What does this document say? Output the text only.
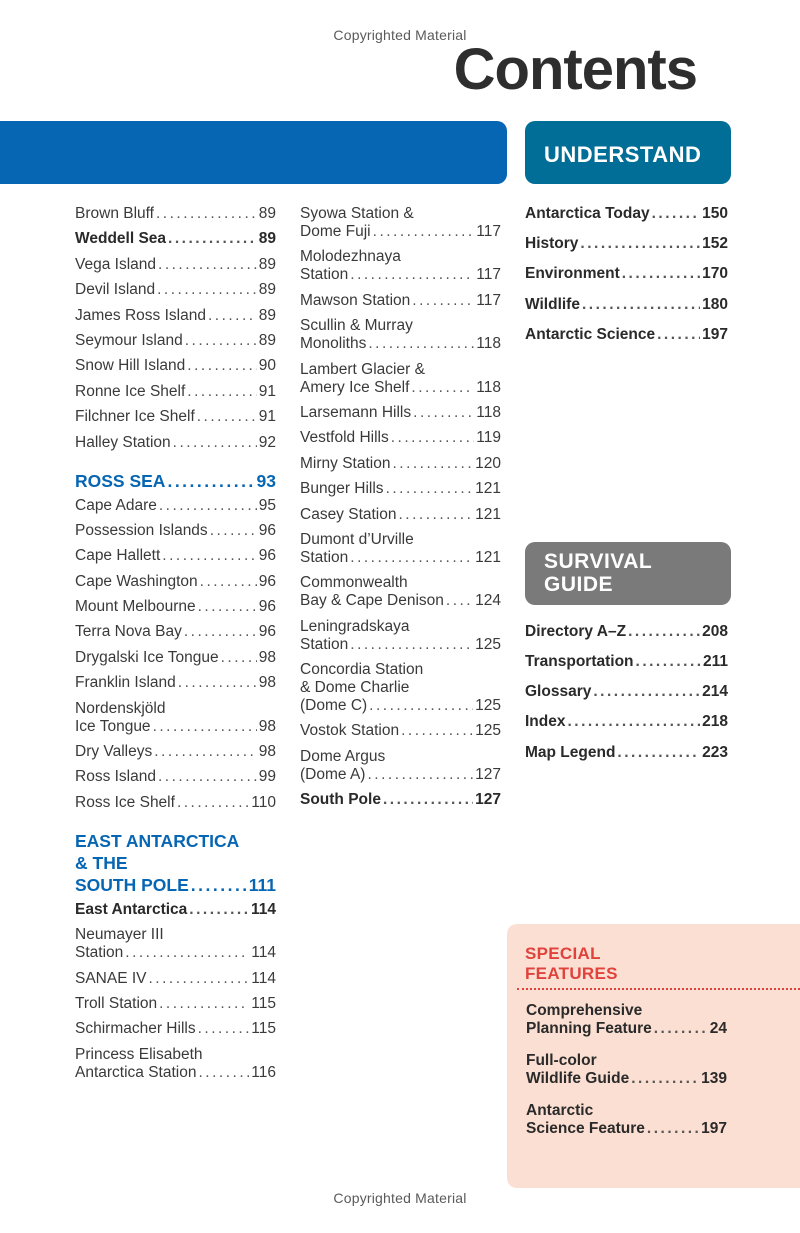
Copyrighted Material
Contents
UNDERSTAND
SURVIVAL
GUIDE
Brown Bluff .....	89
Weddell Sea .....	89
Vega Island .....	89
Devil Island .....	89
James Ross Island .....	89
Seymour Island .....	89
Snow Hill Island .....	90
Ronne Ice Shelf .....	91
Filchner Ice Shelf .....	91
Halley Station .....	92
ROSS SEA .....	93
Cape Adare .....	95
Possession Islands .....	96
Cape Hallett .....	96
Cape Washington .....	96
Mount Melbourne .....	96
Terra Nova Bay .....	96
Drygalski Ice Tongue .....	98
Franklin Island .....	98
Nordenskjöld
Ice Tongue .....	98
Dry Valleys .....	98
Ross Island .....	99
Ross Ice Shelf .....	110
EAST ANTARCTICA
& THE
SOUTH POLE .....	111
East Antarctica .....	114
Neumayer III
Station .....	114
SANAE IV .....	114
Troll Station .....	115
Schirmacher Hills .....	115
Princess Elisabeth
Antarctica Station .....	116
Syowa Station &
Dome Fuji .....	117
Molodezhnaya
Station .....	117
Mawson Station .....	117
Scullin & Murray
Monoliths .....	118
Lambert Glacier &
Amery Ice Shelf .....	118
Larsemann Hills .....	118
Vestfold Hills .....	119
Mirny Station .....	120
Bunger Hills .....	121
Casey Station .....	121
Dumont d’Urville
Station .....	121
Commonwealth
Bay & Cape Denison ..... 124
Leningradskaya
Station .....	125
Concordia Station
& Dome Charlie
(Dome C) .....	125
Vostok Station .....	125
Dome Argus
(Dome A) .....	127
South Pole .....	127
Antarctica Today .....	150
History .....	152
Environment .....	170
Wildlife .....	180
Antarctic Science .....	197
Directory A–Z .....	208
Transportation .....	211
Glossary .....	214
Index .....	218
Map Legend .....	223
SPECIAL
FEATURES
Comprehensive
Planning Feature .....	24
Full-color
Wildlife Guide .....	139
Antarctic
Science Feature .....	197
Copyrighted Material
